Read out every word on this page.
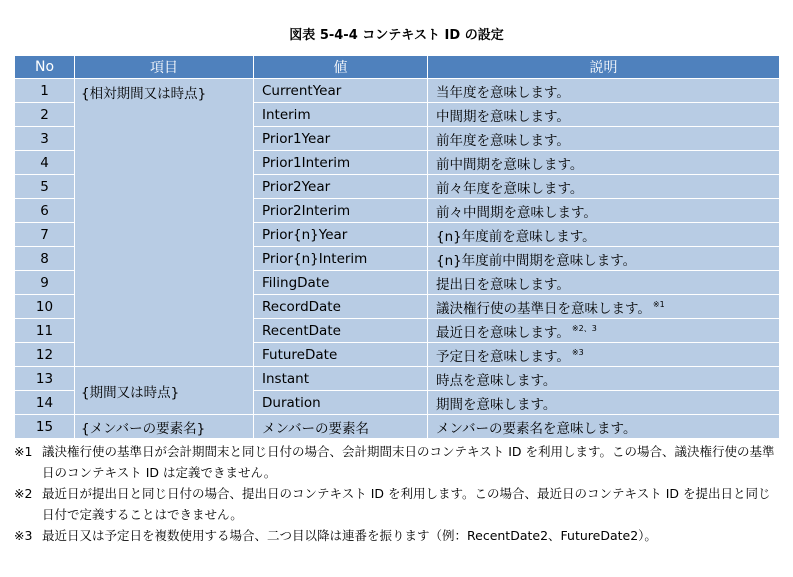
図表 5-4-4 コンテキスト ID の設定
No	項目	値	説明
1	{相対期間又は時点}	CurrentYear	当年度を意味します。
2		Interim	中間期を意味します。
3		Prior1Year	前年度を意味します。
4		Prior1Interim	前中間期を意味します。
5		Prior2Year	前々年度を意味します。
6		Prior2Interim	前々中間期を意味します。
7		Prior{n}Year	{n}年度前を意味します。
8		Prior{n}Interim	{n}年度前中間期を意味します。
9		FilingDate	提出日を意味します。
10		RecordDate	議決権行使の基準日を意味します。 $^{※1}$
11		RecentDate	最近日を意味します。 $^{※2、3}$
12		FutureDate	予定日を意味します。 $^{※3}$
13	{期間又は時点}	Instant	時点を意味します。
14		Duration	期間を意味します。
15	{メンバーの要素名}	メンバーの要素名	メンバーの要素名を意味します。
※1 議決権行使の基準日が会計期間末と同じ日付の場合、会計期間末日のコンテキスト ID を利用します。この場合、議決権行使の基準日のコンテキスト ID は定義できません。
※2 最近日が提出日と同じ日付の場合、提出日のコンテキスト ID を利用します。この場合、最近日のコンテキスト ID を提出日と同じ日付で定義することはできません。
※3 最近日又は予定日を複数使用する場合、二つ目以降は連番を振ります（例：RecentDate2、FutureDate2）。
